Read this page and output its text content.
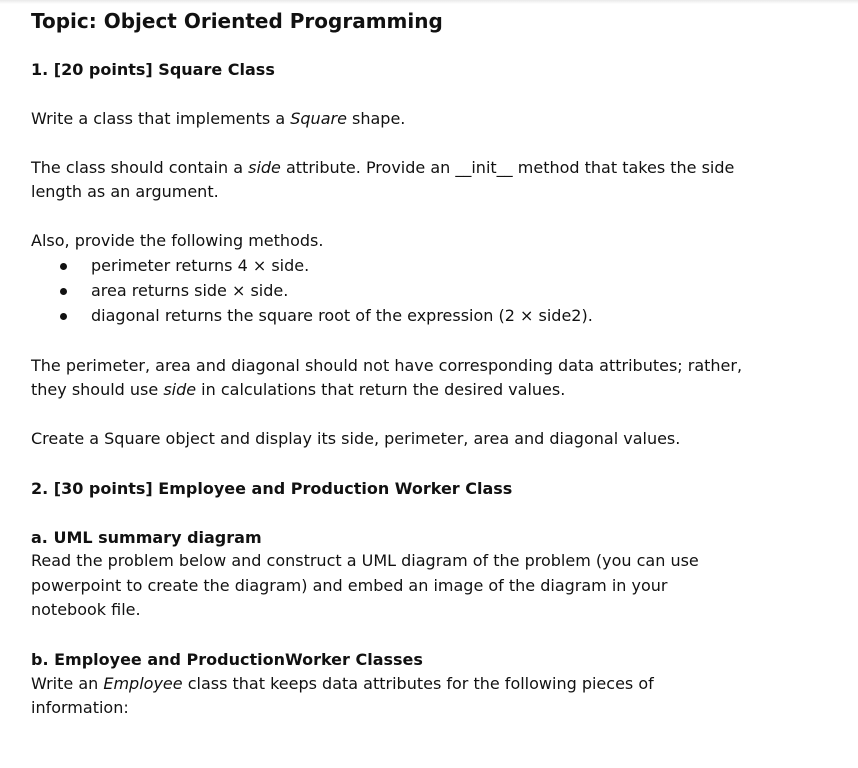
Topic: Object Oriented Programming
1. [20 points] Square Class
Write a class that implements a Square shape.
The class should contain a side attribute. Provide an __init__ method that takes the side
length as an argument.
Also, provide the following methods.
perimeter returns 4 × side.
area returns side × side.
diagonal returns the square root of the expression (2 × side2).
The perimeter, area and diagonal should not have corresponding data attributes; rather,
they should use side in calculations that return the desired values.
Create a Square object and display its side, perimeter, area and diagonal values.
2. [30 points] Employee and Production Worker Class
a. UML summary diagram
Read the problem below and construct a UML diagram of the problem (you can use
powerpoint to create the diagram) and embed an image of the diagram in your
notebook file.
b. Employee and ProductionWorker Classes
Write an Employee class that keeps data attributes for the following pieces of
information:
